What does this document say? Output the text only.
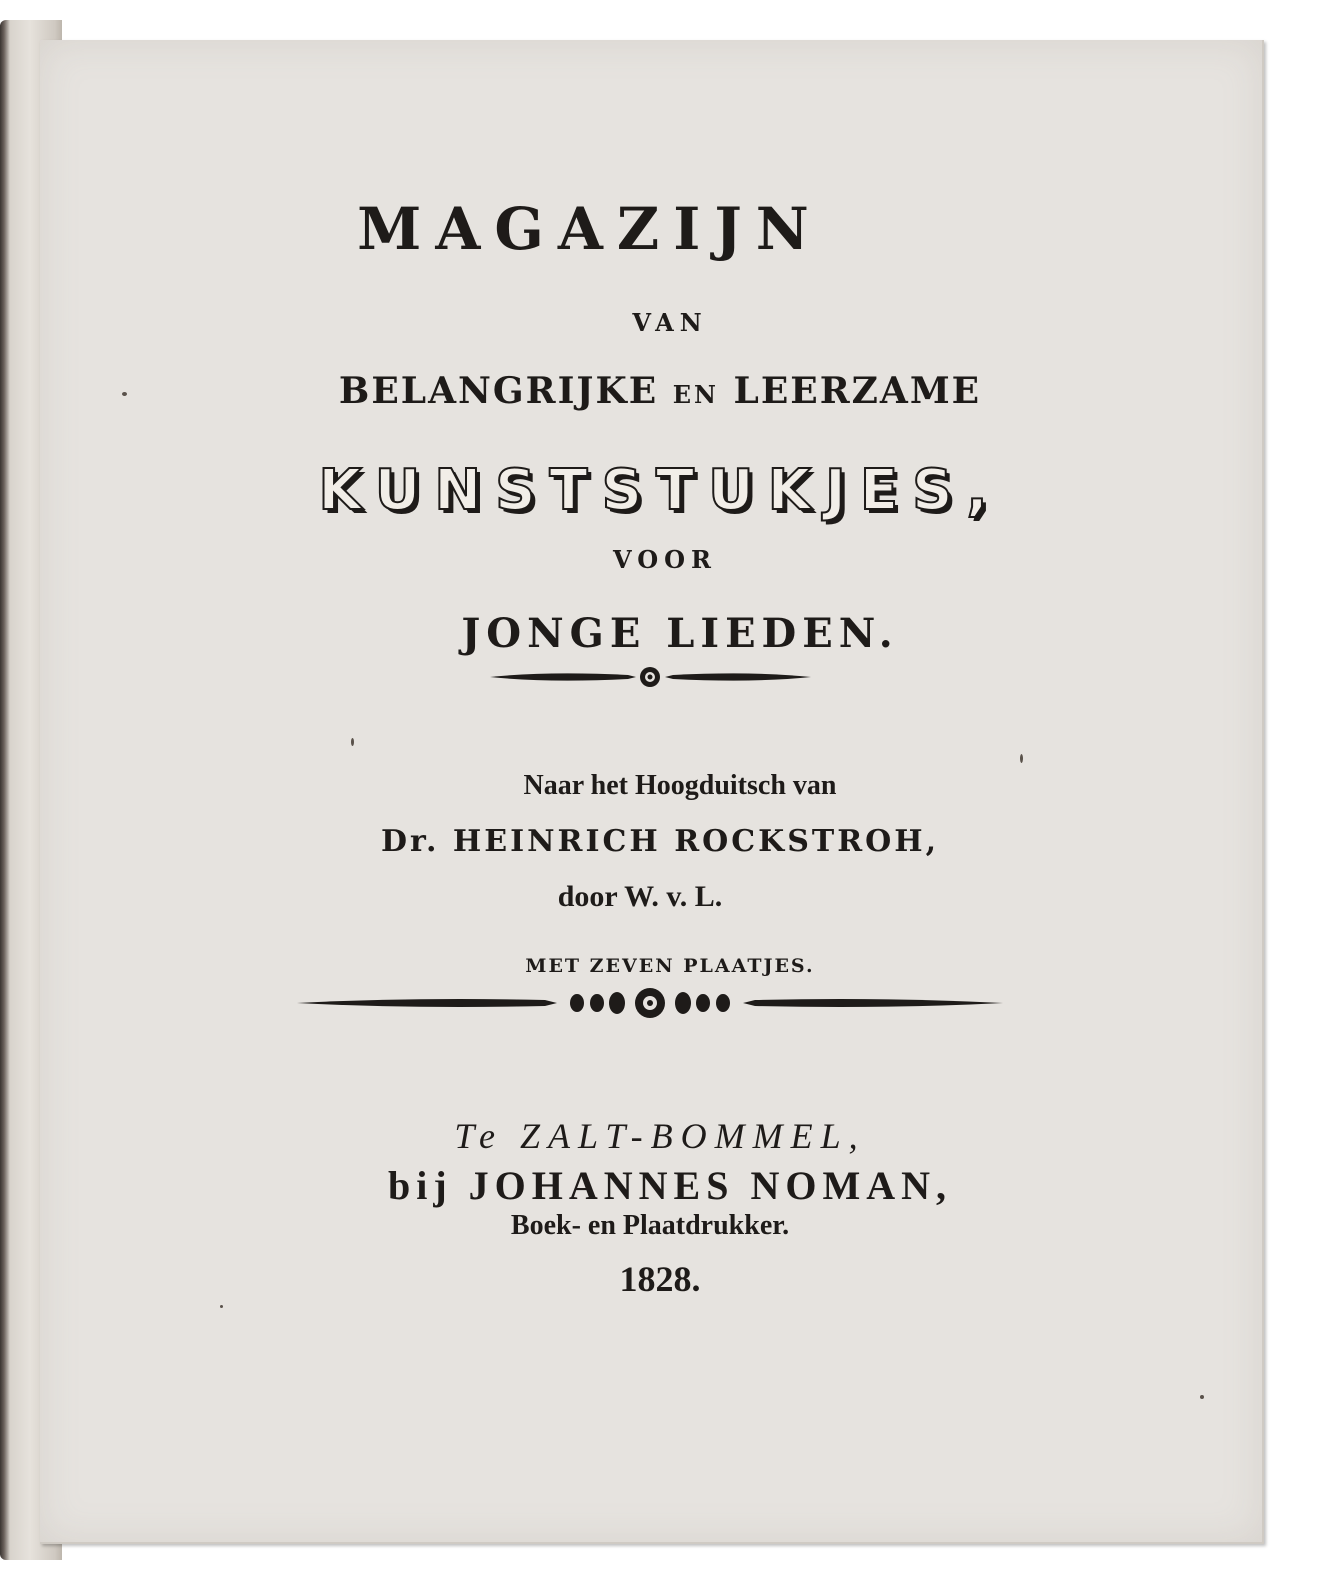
MAGAZIJN
VAN
BELANGRIJKE EN LEERZAME
KUNSTSTUKJES,
VOOR
JONGE LIEDEN.
Naar het Hoogduitsch van
Dr. HEINRICH ROCKSTROH,
door W. v. L.
MET ZEVEN PLAATJES.
Te ZALT-BOMMEL,
bij JOHANNES NOMAN,
Boek- en Plaatdrukker.
1828.
